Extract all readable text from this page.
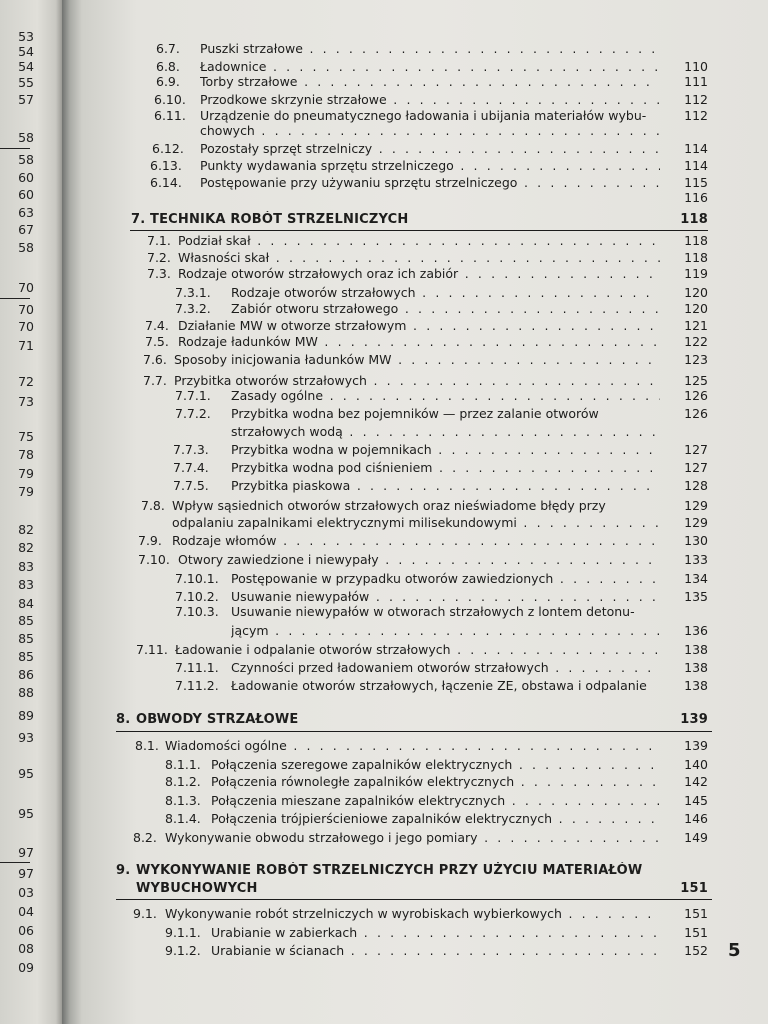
53
54
54
55
57
58
58
60
60
63
67
58
70
70
70
71
72
73
75
78
79
79
82
82
83
83
84
85
85
85
86
88
89
93
95
95
97
97
03
04
06
08
09
6.7. Puszki strzałowe . . .
6.8. Ładownice . . .	110
6.9. Torby strzałowe . . .	111
6.10. Przodkowe skrzynie strzałowe . . .	112
6.11. Urządzenie do pneumatycznego ładowania i ubijania materiałów wybu-	112
chowych . . .
6.12. Pozostały sprzęt strzelniczy . . .	114
6.13. Punkty wydawania sprzętu strzelniczego . . .	114
6.14. Postępowanie przy używaniu sprzętu strzelniczego . . .	115
116
7. TECHNIKA ROBÓT STRZELNICZYCH	118
7.1. Podział skał . . .	118
7.2. Własności skał . . .	118
7.3. Rodzaje otworów strzałowych oraz ich zabiór . . .	119
7.3.1. Rodzaje otworów strzałowych . . .	120
7.3.2. Zabiór otworu strzałowego . . .	120
7.4. Działanie MW w otworze strzałowym . . .	121
7.5. Rodzaje ładunków MW . . .	122
7.6. Sposoby inicjowania ładunków MW . . .	123
7.7. Przybitka otworów strzałowych . . .	125
7.7.1. Zasady ogólne . . .	126
7.7.2. Przybitka wodna bez pojemników — przez zalanie otworów	126
strzałowych wodą . . .
7.7.3. Przybitka wodna w pojemnikach . . .	127
7.7.4. Przybitka wodna pod ciśnieniem . . .	127
7.7.5. Przybitka piaskowa . . .	128
7.8. Wpływ sąsiednich otworów strzałowych oraz nieświadome błędy przy	129
odpalaniu zapalnikami elektrycznymi milisekundowymi . . .	129
7.9. Rodzaje włomów . . .	130
7.10. Otwory zawiedzione i niewypały . . .	133
7.10.1. Postępowanie w przypadku otworów zawiedzionych . . .	134
7.10.2. Usuwanie niewypałów . . .	135
7.10.3. Usuwanie niewypałów w otworach strzałowych z lontem detonu-
jącym . . .	136
7.11. Ładowanie i odpalanie otworów strzałowych . . .	138
7.11.1. Czynności przed ładowaniem otworów strzałowych . . .	138
7.11.2. Ładowanie otworów strzałowych, łączenie ZE, obstawa i odpalanie	138
8. OBWODY STRZAŁOWE	139
8.1. Wiadomości ogólne . . .	139
8.1.1. Połączenia szeregowe zapalników elektrycznych . . .	140
8.1.2. Połączenia równoległe zapalników elektrycznych . . .	142
8.1.3. Połączenia mieszane zapalników elektrycznych . . .	145
8.1.4. Połączenia trójpierścieniowe zapalników elektrycznych . . .	146
8.2. Wykonywanie obwodu strzałowego i jego pomiary . . .	149
9. WYKONYWANIE ROBÓT STRZELNICZYCH PRZY UŻYCIU MATERIAŁÓW
WYBUCHOWYCH	151
9.1. Wykonywanie robót strzelniczych w wyrobiskach wybierkowych . . .	151
9.1.1. Urabianie w zabierkach . . .	151
9.1.2. Urabianie w ścianach . . .	152 5
